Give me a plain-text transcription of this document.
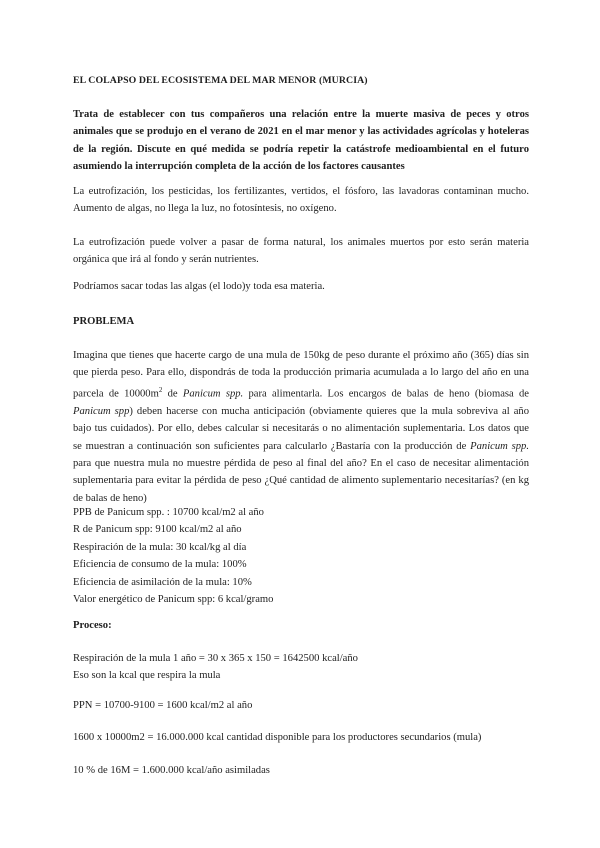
EL COLAPSO DEL ECOSISTEMA DEL MAR MENOR (MURCIA)

Trata de establecer con tus compañeros una relación entre la muerte masiva de peces y otros animales que se produjo en el verano de 2021 en el mar menor y las actividades agrícolas y hoteleras de la región. Discute en qué medida se podría repetir la catástrofe medioambiental en el futuro asumiendo la interrupción completa de la acción de los factores causantes

La eutrofización, los pesticidas, los fertilizantes, vertidos, el fósforo, las lavadoras contaminan mucho. Aumento de algas, no llega la luz, no fotosíntesis, no oxígeno.

La eutrofización puede volver a pasar de forma natural, los animales muertos por esto serán materia orgánica que irá al fondo y serán nutrientes.

Podríamos sacar todas las algas (el lodo)y toda esa materia.

PROBLEMA

Imagina que tienes que hacerte cargo de una mula de 150kg de peso durante el próximo año (365) días sin que pierda peso. Para ello, dispondrás de toda la producción primaria acumulada a lo largo del año en una parcela de $10000m^2$ de Panicum spp. para alimentarla. Los encargos de balas de heno (biomasa de Panicum spp) deben hacerse con mucha anticipación (obviamente quieres que la mula sobreviva al año bajo tus cuidados). Por ello, debes calcular si necesitarás o no alimentación suplementaria. Los datos que se muestran a continuación son suficientes para calcularlo ¿Bastaría con la producción de Panicum spp. para que nuestra mula no muestre pérdida de peso al final del año? En el caso de necesitar alimentación suplementaria para evitar la pérdida de peso ¿Qué cantidad de alimento suplementario necesitarías? (en kg de balas de heno)

PPB de Panicum spp. : 10700 kcal/m2 al año
R de Panicum spp: 9100 kcal/m2 al año
Respiración de la mula: 30 kcal/kg al día
Eficiencia de consumo de la mula: 100%
Eficiencia de asimilación de la mula: 10%
Valor energético de Panicum spp: 6 kcal/gramo
Proceso:
Respiración de la mula 1 año = 30 x 365 x 150 = 1642500 kcal/año
Eso son la kcal que respira la mula
PPN = 10700-9100 = 1600 kcal/m2 al año
1600 x 10000m2 = 16.000.000 kcal cantidad disponible para los productores secundarios (mula)
10 % de 16M = 1.600.000 kcal/año asimiladas
